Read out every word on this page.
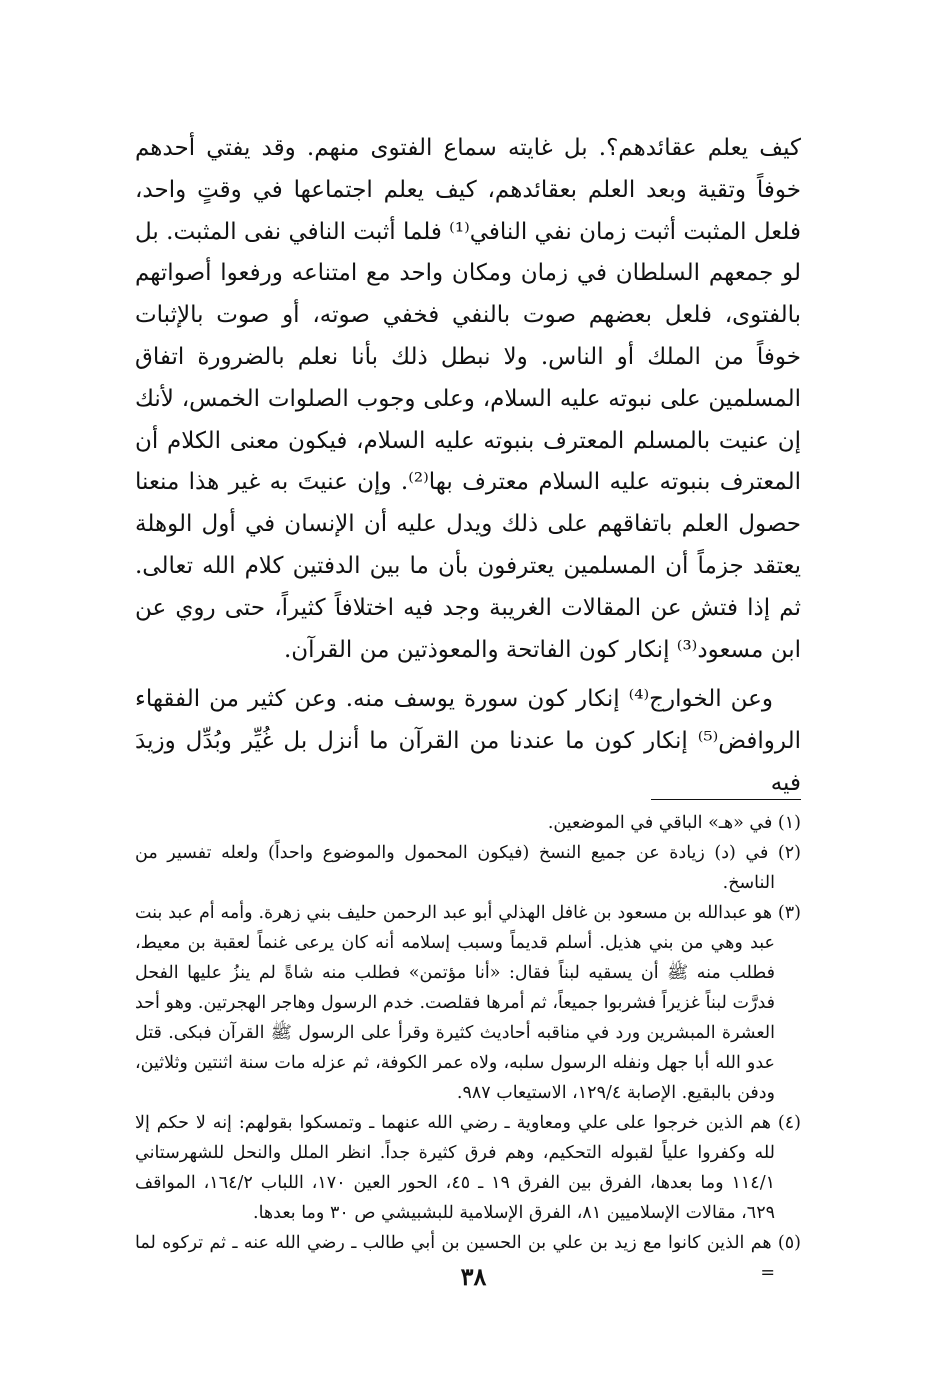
كيف يعلم عقائدهم؟. بل غايته سماع الفتوى منهم. وقد يفتي أحدهم خوفاً وتقية وبعد العلم بعقائدهم، كيف يعلم اجتماعها في وقتٍ واحد، فلعل المثبت أثبت زمان نفي النافي⁽¹⁾ فلما أثبت النافي نفى المثبت. بل لو جمعهم السلطان في زمان ومكان واحد مع امتناعه ورفعوا أصواتهم بالفتوى، فلعل بعضهم صوت بالنفي فخفي صوته، أو صوت بالإثبات خوفاً من الملك أو الناس. ولا نبطل ذلك بأنا نعلم بالضرورة اتفاق المسلمين على نبوته عليه السلام، وعلى وجوب الصلوات الخمس، لأنك إن عنيت بالمسلم المعترف بنبوته عليه السلام، فيكون معنى الكلام أن المعترف بنبوته عليه السلام معترف بها⁽²⁾. وإن عنيتَ به غير هذا منعنا حصول العلم باتفاقهم على ذلك ويدل عليه أن الإنسان في أول الوهلة يعتقد جزماً أن المسلمين يعترفون بأن ما بين الدفتين كلام الله تعالى. ثم إذا فتش عن المقالات الغريبة وجد فيه اختلافاً كثيراً، حتى روي عن ابن مسعود⁽³⁾ إنكار كون الفاتحة والمعوذتين من القرآن.

وعن الخوارج⁽⁴⁾ إنكار كون سورة يوسف منه. وعن كثير من الفقهاء الروافض⁽⁵⁾ إنكار كون ما عندنا من القرآن ما أنزل بل غُيِّر وبُدِّل وزيدَ فيه

(١) في «هـ» الباقي في الموضعين.

(٢) في (د) زيادة عن جميع النسخ (فيكون المحمول والموضوع واحداً) ولعله تفسير من الناسخ.

(٣) هو عبدالله بن مسعود بن غافل الهذلي أبو عبد الرحمن حليف بني زهرة. وأمه أم عبد بنت عبد وهي من بني هذيل. أسلم قديماً وسبب إسلامه أنه كان يرعى غنماً لعقبة بن معيط، فطلب منه ﷺ أن يسقيه لبناً فقال: «أنا مؤتمن» فطلب منه شاةً لم ينزُ عليها الفحل فدرَّت لبناً غزيراً فشربوا جميعاً، ثم أمرها فقلصت. خدم الرسول وهاجر الهجرتين. وهو أحد العشرة المبشرين ورد في مناقبه أحاديث كثيرة وقرأ على الرسول ﷺ القرآن فبكى. قتل عدو الله أبا جهل ونفله الرسول سلبه، ولاه عمر الكوفة، ثم عزله مات سنة اثنتين وثلاثين، ودفن بالبقيع. الإصابة ١٢٩/٤، الاستيعاب ٩٨٧.

(٤) هم الذين خرجوا على علي ومعاوية ـ رضي الله عنهما ـ وتمسكوا بقولهم: إنه لا حكم إلا لله وكفروا علياً لقبوله التحكيم، وهم فرق كثيرة جداً. انظر الملل والنحل للشهرستاني ١١٤/١ وما بعدها، الفرق بين الفرق ١٩ ـ ٤٥، الحور العين ١٧٠، اللباب ١٦٤/٢، المواقف ٦٢٩، مقالات الإسلاميين ٨١، الفرق الإسلامية للبشبيشي ص ٣٠ وما بعدها.

(٥) هم الذين كانوا مع زيد بن علي بن الحسين بن أبي طالب ـ رضي الله عنه ـ ثم تركوه لما =

٣٨
